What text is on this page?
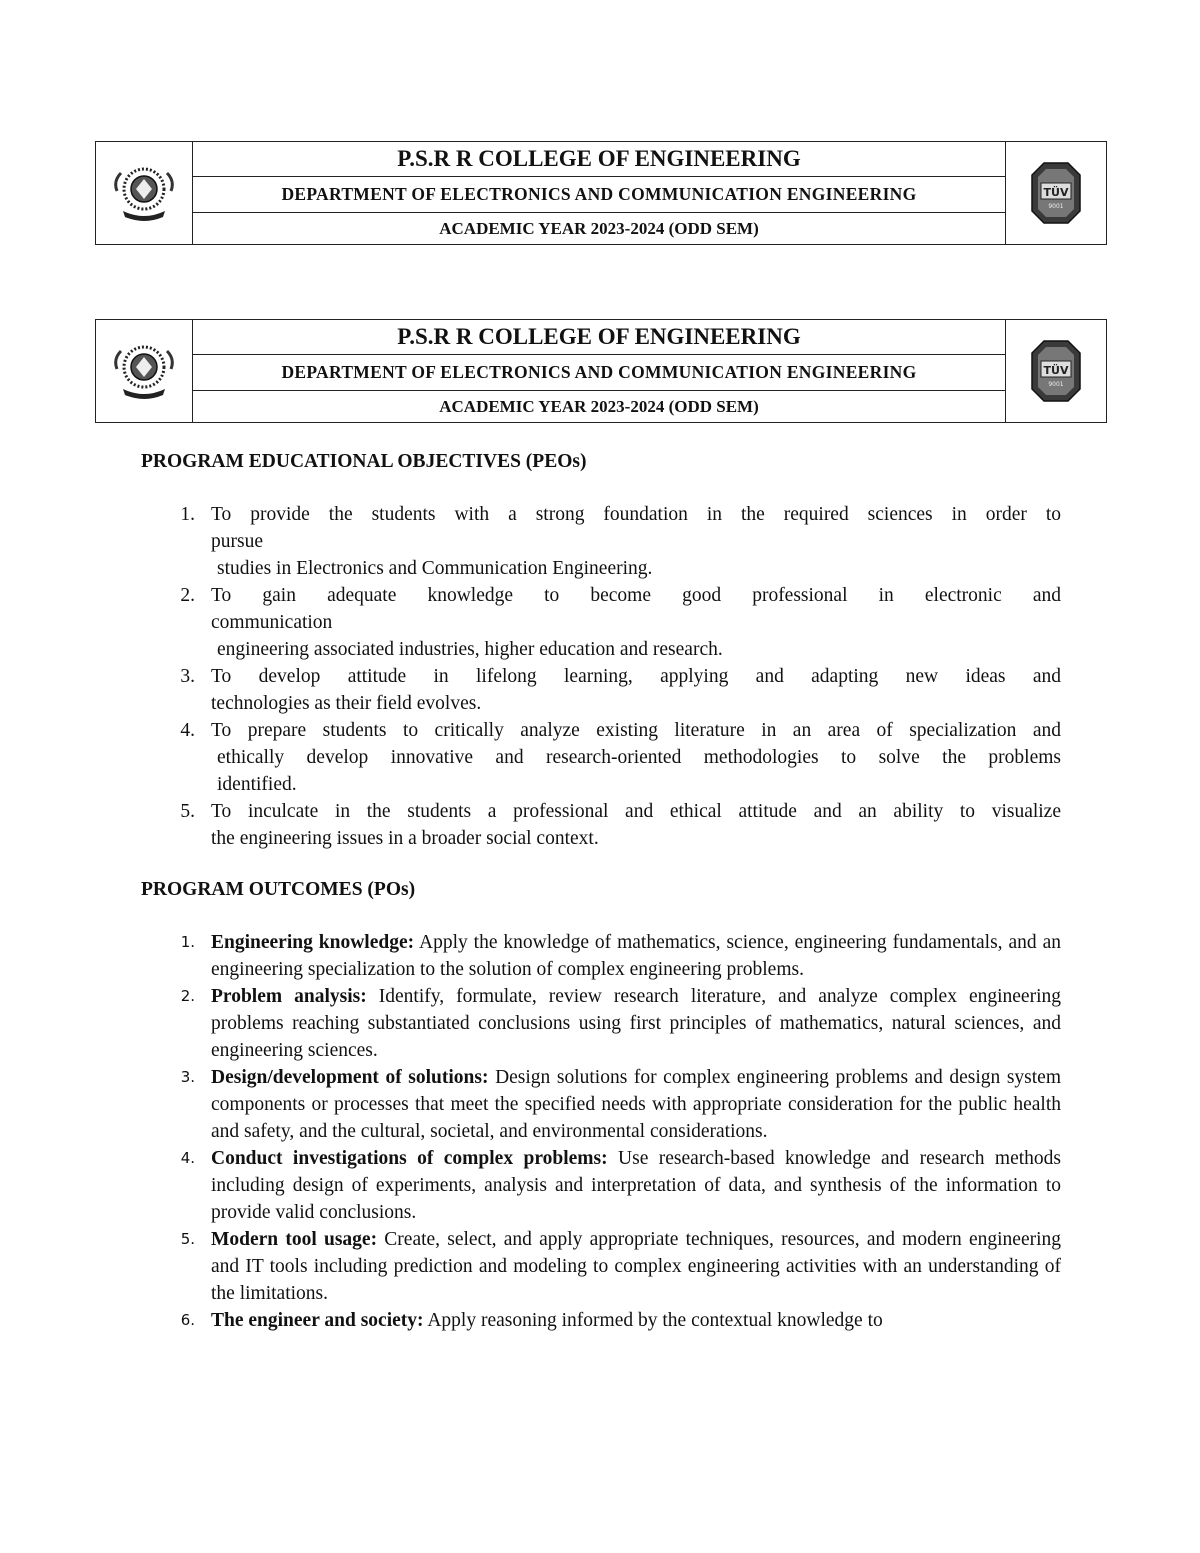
P.S.R R COLLEGE OF ENGINEERING
DEPARTMENT OF ELECTRONICS AND COMMUNICATION ENGINEERING
ACADEMIC YEAR 2023-2024 (ODD SEM)
TÜV
9001
P.S.R R COLLEGE OF ENGINEERING
DEPARTMENT OF ELECTRONICS AND COMMUNICATION ENGINEERING
ACADEMIC YEAR 2023-2024 (ODD SEM)
TÜV
9001

PROGRAM EDUCATIONAL OBJECTIVES (PEOs)

1. To provide the students with a strong foundation in the required sciences in order to
pursue
studies in Electronics and Communication Engineering.
2. To gain adequate knowledge to become good professional in electronic and
communication
engineering associated industries, higher education and research.
3. To develop attitude in lifelong learning, applying and adapting new ideas and
technologies as their field evolves.
4. To prepare students to critically analyze existing literature in an area of specialization and
ethically develop innovative and research-oriented methodologies to solve the problems
identified.
5. To inculcate in the students a professional and ethical attitude and an ability to visualize
the engineering issues in a broader social context.

PROGRAM OUTCOMES (POs)

1. Engineering knowledge: Apply the knowledge of mathematics, science, engineering fundamentals, and an engineering specialization to the solution of complex engineering problems.
2. Problem analysis: Identify, formulate, review research literature, and analyze complex engineering problems reaching substantiated conclusions using first principles of mathematics, natural sciences, and engineering sciences.
3. Design/development of solutions: Design solutions for complex engineering problems and design system components or processes that meet the specified needs with appropriate consideration for the public health and safety, and the cultural, societal, and environmental considerations.
4. Conduct investigations of complex problems: Use research-based knowledge and research methods including design of experiments, analysis and interpretation of data, and synthesis of the information to provide valid conclusions.
5. Modern tool usage: Create, select, and apply appropriate techniques, resources, and modern engineering and IT tools including prediction and modeling to complex engineering activities with an understanding of the limitations.
6. The engineer and society: Apply reasoning informed by the contextual knowledge to
